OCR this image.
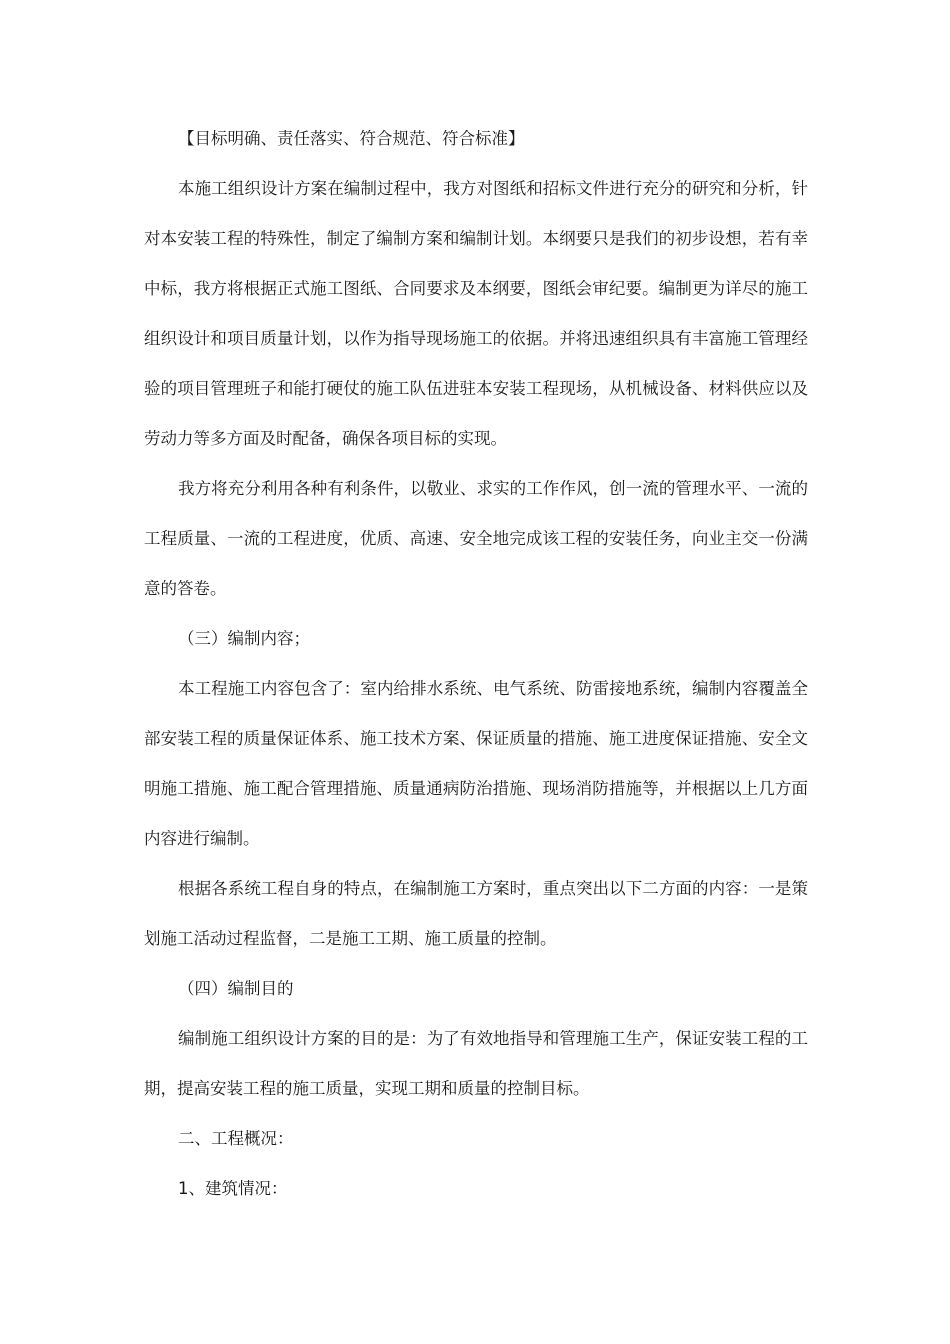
【目标明确、责任落实、符合规范、符合标准】

本施工组织设计方案在编制过程中，我方对图纸和招标文件进行充分的研究和分析，针对本安装工程的特殊性，制定了编制方案和编制计划。本纲要只是我们的初步设想，若有幸中标，我方将根据正式施工图纸、合同要求及本纲要，图纸会审纪要。编制更为详尽的施工组织设计和项目质量计划，以作为指导现场施工的依据。并将迅速组织具有丰富施工管理经验的项目管理班子和能打硬仗的施工队伍进驻本安装工程现场，从机械设备、材料供应以及劳动力等多方面及时配备，确保各项目标的实现。

我方将充分利用各种有利条件，以敬业、求实的工作作风，创一流的管理水平、一流的工程质量、一流的工程进度，优质、高速、安全地完成该工程的安装任务，向业主交一份满意的答卷。

（三）编制内容；

本工程施工内容包含了：室内给排水系统、电气系统、防雷接地系统，编制内容覆盖全部安装工程的质量保证体系、施工技术方案、保证质量的措施、施工进度保证措施、安全文明施工措施、施工配合管理措施、质量通病防治措施、现场消防措施等，并根据以上几方面内容进行编制。

根据各系统工程自身的特点，在编制施工方案时，重点突出以下二方面的内容：一是策划施工活动过程监督，二是施工工期、施工质量的控制。

（四）编制目的

编制施工组织设计方案的目的是：为了有效地指导和管理施工生产，保证安装工程的工期，提高安装工程的施工质量，实现工期和质量的控制目标。

二、工程概况：

1、建筑情况：
